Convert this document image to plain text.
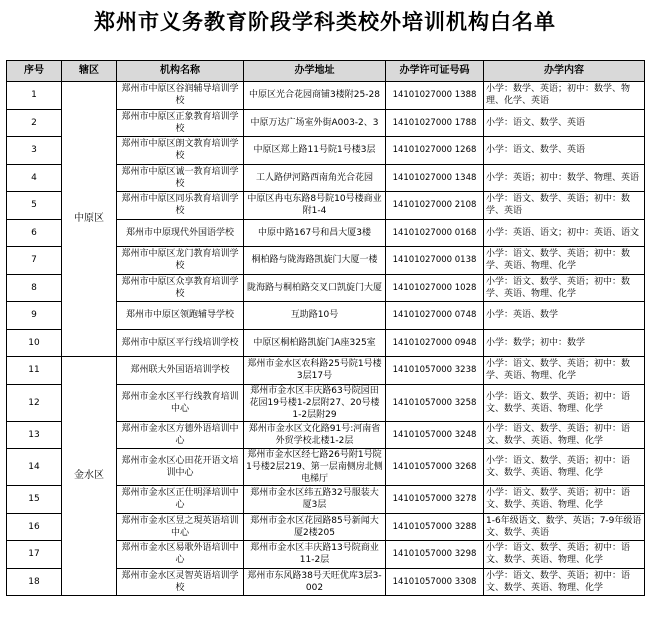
郑州市义务教育阶段学科类校外培训机构白名单
序号	辖区	机构名称	办学地址	办学许可证号码	办学内容
1	中原区	郑州市中原区谷润辅导培训学校	中原区光合花园商铺3楼附25-28	14101027000 1388	小学：数学、英语；初中：数学、物理、化学、英语
2		郑州市中原区正象教育培训学校	中原万达广场室外街A003-2、3	14101027000 1788	小学：语文、数学、英语
3		郑州市中原区朗文教育培训学校	中原区郑上路11号院1号楼3层	14101027000 1268	小学：语文、数学、英语
4		郑州市中原区诚一教育培训学校	工人路伊河路西南角光合花园	14101027000 1348	小学：英语；初中：数学、物理、英语
5		郑州市中原区同乐教育培训学校	中原区冉屯东路8号院10号楼商业附1-4	14101027000 2108	小学：语文、数学、英语；初中：数学、英语
6		郑州市中原现代外国语学校	中原中路167号和昌大厦3楼	14101027000 0168	小学：英语、语文；初中：英语、语文
7		郑州市中原区龙门教育培训学校	桐柏路与陇海路凯旋门大厦一楼	14101027000 0138	小学：语文、数学、英语；初中：数学、英语、物理、化学
8		郑州市中原区众享教育培训学校	陇海路与桐柏路交叉口凯旋门大厦	14101027000 1028	小学：语文、数学、英语；初中：数学、英语、物理、化学
9		郑州市中原区领跑辅导学校	互助路10号	14101027000 0748	小学：英语、数学
10		郑州市中原区平行线培训学校	中原区桐柏路凯旋门A座325室	14101027000 0948	小学：数学；初中：数学
11	金水区	郑州联大外国语培训学校	郑州市金水区农科路25号院1号楼3层17号	14101057000 3238	小学：语文、数学、英语；初中：数学、英语、物理、化学
12		郑州市金水区平行线教育培训中心	郑州市金水区丰庆路63号院园田花园19号楼1-2层附27、20号楼1-2层附29	14101057000 3258	小学：语文、数学、英语；初中：语文、数学、英语、物理、化学
13		郑州市金水区方德外语培训中心	郑州市金水区文化路91号:河南省外贸学校北楼1-2层	14101057000 3248	小学：语文、数学、英语；初中：语文、数学、英语、物理、化学
14		郑州市金水区心田花开语文培训中心	郑州市金水区经七路26号附1号院1号楼2层219、第一层南侧房北侧电梯厅	14101057000 3268	小学：语文、数学、英语；初中：语文、数学、英语、物理、化学
15		郑州市金水区正仕明泽培训中心	郑州市金水区纬五路32号服装大厦3层	14101057000 3278	小学：语文、数学、英语；初中：语文、数学、英语、物理、化学
16		郑州市金水区昱之現英语培训中心	郑州市金水区花园路85号新闻大厦2楼205	14101057000 3288	1-6年级语文、数学、英语；7-9年级语文、数学、英语
17		郑州市金水区易歌外语培训中心	郑州市金水区丰庆路13号院商业11-2层	14101057000 3298	小学：语文、数学、英语；初中：语文、数学、英语、物理、化学
18		郑州市金水区灵智英语培训学校	郑州市东风路38号天旺优库3层3-002	14101057000 3308	小学：语文、数学、英语；初中：语文、数学、英语、物理、化学
